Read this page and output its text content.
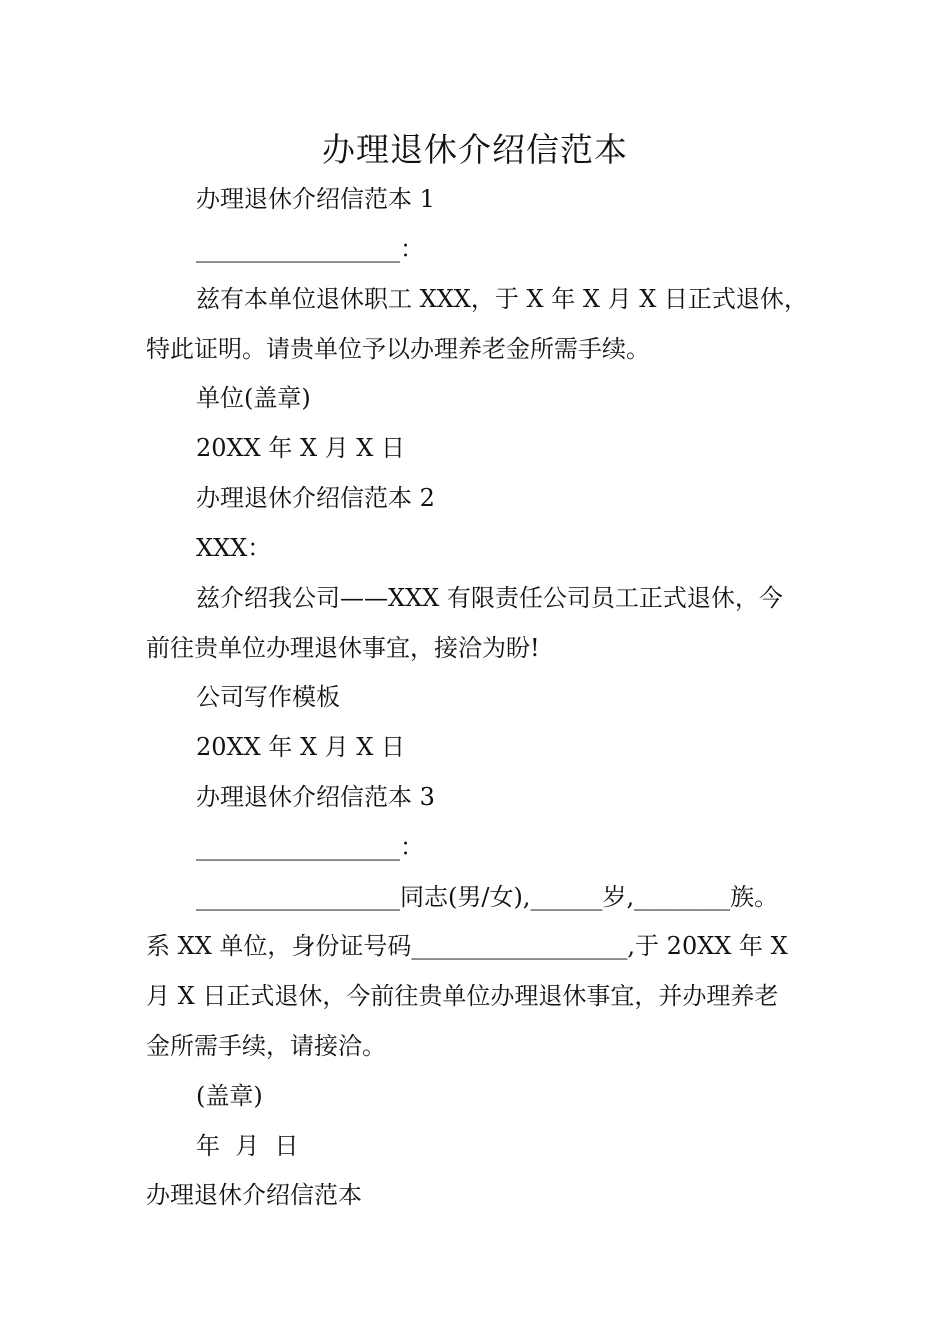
办理退休介绍信范本
办理退休介绍信范本 1
_________________：
兹有本单位退休职工 XXX，于 X 年 X 月 X 日正式退休，
特此证明。请贵单位予以办理养老金所需手续。
单位(盖章)
20XX 年 X 月 X 日
办理退休介绍信范本 2
XXX：
兹介绍我公司——XXX 有限责任公司员工正式退休，今
前往贵单位办理退休事宜，接洽为盼!
公司写作模板
20XX 年 X 月 X 日
办理退休介绍信范本 3
_________________：
_________________同志(男/女),______岁,________族。
系 XX 单位，身份证号码__________________,于 20XX 年 X
月 X 日正式退休，今前往贵单位办理退休事宜，并办理养老
金所需手续，请接洽。
(盖章)
年  月  日
办理退休介绍信范本
